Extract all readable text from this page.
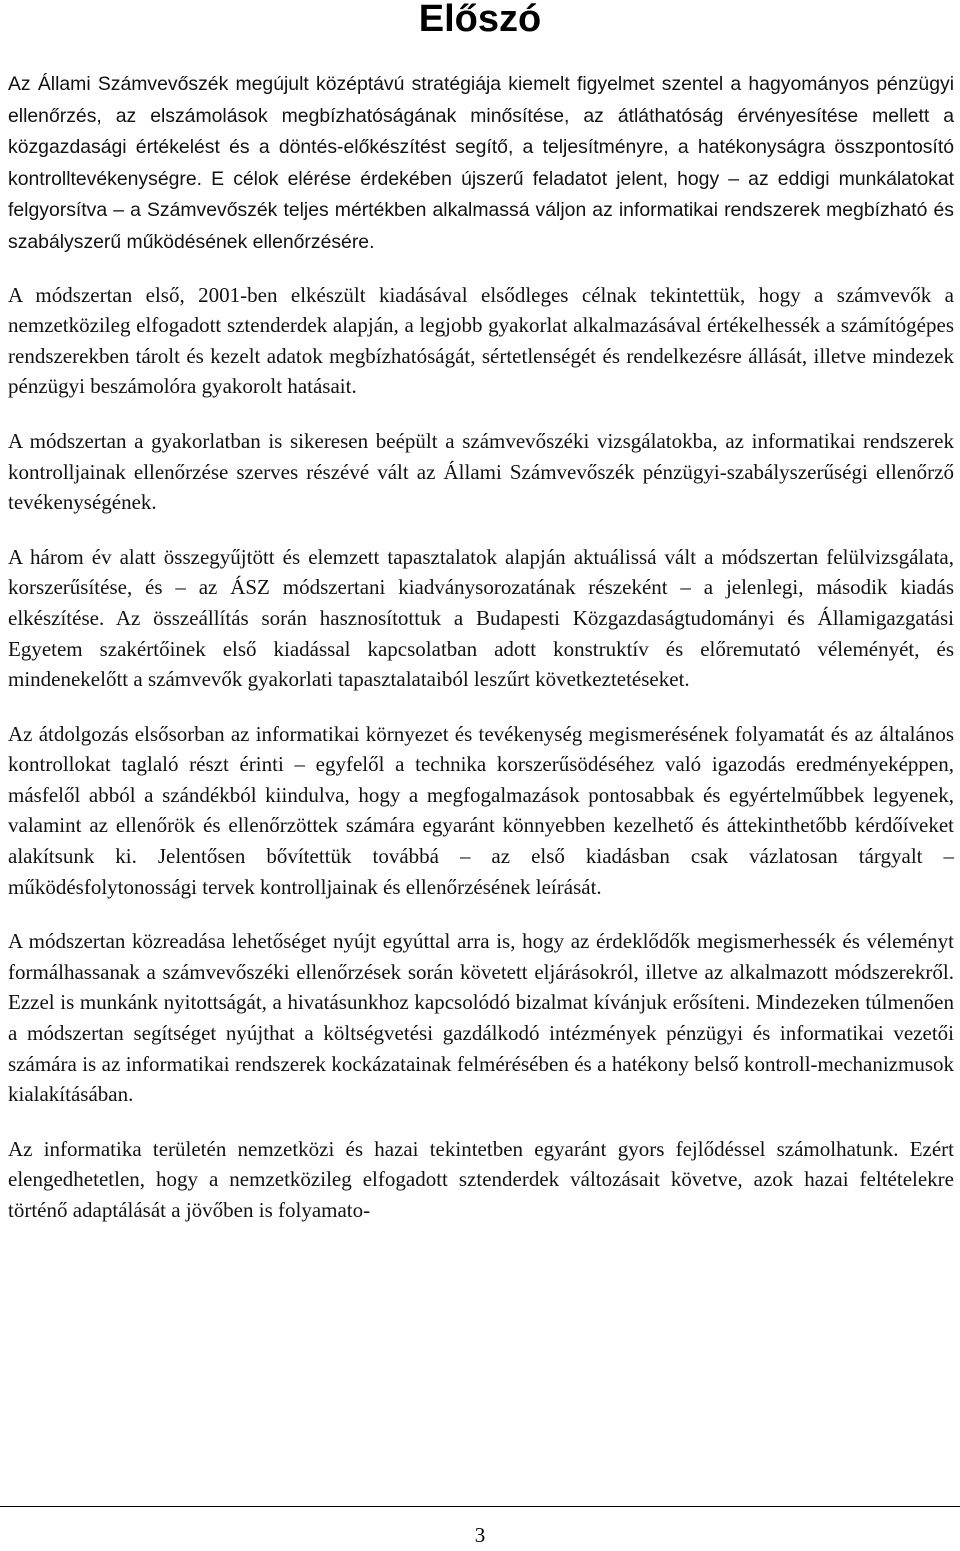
Előszó

Az Állami Számvevőszék megújult középtávú stratégiája kiemelt figyelmet szentel a hagyományos pénzügyi ellenőrzés, az elszámolások megbízhatóságának minősítése, az átláthatóság érvényesítése mellett a közgazdasági értékelést és a döntés-előkészítést segítő, a teljesítményre, a hatékonyságra összpontosító kontrolltevékenységre. E célok elérése érdekében újszerű feladatot jelent, hogy – az eddigi munkálatokat felgyorsítva – a Számvevőszék teljes mértékben alkalmassá váljon az informatikai rendszerek megbízható és szabályszerű működésének ellenőrzésére.

A módszertan első, 2001-ben elkészült kiadásával elsődleges célnak tekintettük, hogy a számvevők a nemzetközileg elfogadott sztenderdek alapján, a legjobb gyakorlat alkalmazásával értékelhessék a számítógépes rendszerekben tárolt és kezelt adatok megbízhatóságát, sértetlenségét és rendelkezésre állását, illetve mindezek pénzügyi beszámolóra gyakorolt hatásait.

A módszertan a gyakorlatban is sikeresen beépült a számvevőszéki vizsgálatokba, az informatikai rendszerek kontrolljainak ellenőrzése szerves részévé vált az Állami Számvevőszék pénzügyi-szabályszerűségi ellenőrző tevékenységének.

A három év alatt összegyűjtött és elemzett tapasztalatok alapján aktuálissá vált a módszertan felülvizsgálata, korszerűsítése, és – az ÁSZ módszertani kiadványsorozatának részeként – a jelenlegi, második kiadás elkészítése. Az összeállítás során hasznosítottuk a Budapesti Közgazdaságtudományi és Államigazgatási Egyetem szakértőinek első kiadással kapcsolatban adott konstruktív és előremutató véleményét, és mindenekelőtt a számvevők gyakorlati tapasztalataiból leszűrt következtetéseket.

Az átdolgozás elsősorban az informatikai környezet és tevékenység megismerésének folyamatát és az általános kontrollokat taglaló részt érinti – egyfelől a technika korszerűsödéséhez való igazodás eredményeképpen, másfelől abból a szándékból kiindulva, hogy a megfogalmazások pontosabbak és egyértelműbbek legyenek, valamint az ellenőrök és ellenőrzöttek számára egyaránt könnyebben kezelhető és áttekinthetőbb kérdőíveket alakítsunk ki. Jelentősen bővítettük továbbá – az első kiadásban csak vázlatosan tárgyalt – működésfolytonossági tervek kontrolljainak és ellenőrzésének leírását.

A módszertan közreadása lehetőséget nyújt egyúttal arra is, hogy az érdeklődők megismerhessék és véleményt formálhassanak a számvevőszéki ellenőrzések során követett eljárásokról, illetve az alkalmazott módszerekről. Ezzel is munkánk nyitottságát, a hivatásunkhoz kapcsolódó bizalmat kívánjuk erősíteni. Mindezeken túlmenően a módszertan segítséget nyújthat a költségvetési gazdálkodó intézmények pénzügyi és informatikai vezetői számára is az informatikai rendszerek kockázatainak felmérésében és a hatékony belső kontroll-mechanizmusok kialakításában.

Az informatika területén nemzetközi és hazai tekintetben egyaránt gyors fejlődéssel számolhatunk. Ezért elengedhetetlen, hogy a nemzetközileg elfogadott sztenderdek változásait követve, azok hazai feltételekre történő adaptálását a jövőben is folyamato-

3
